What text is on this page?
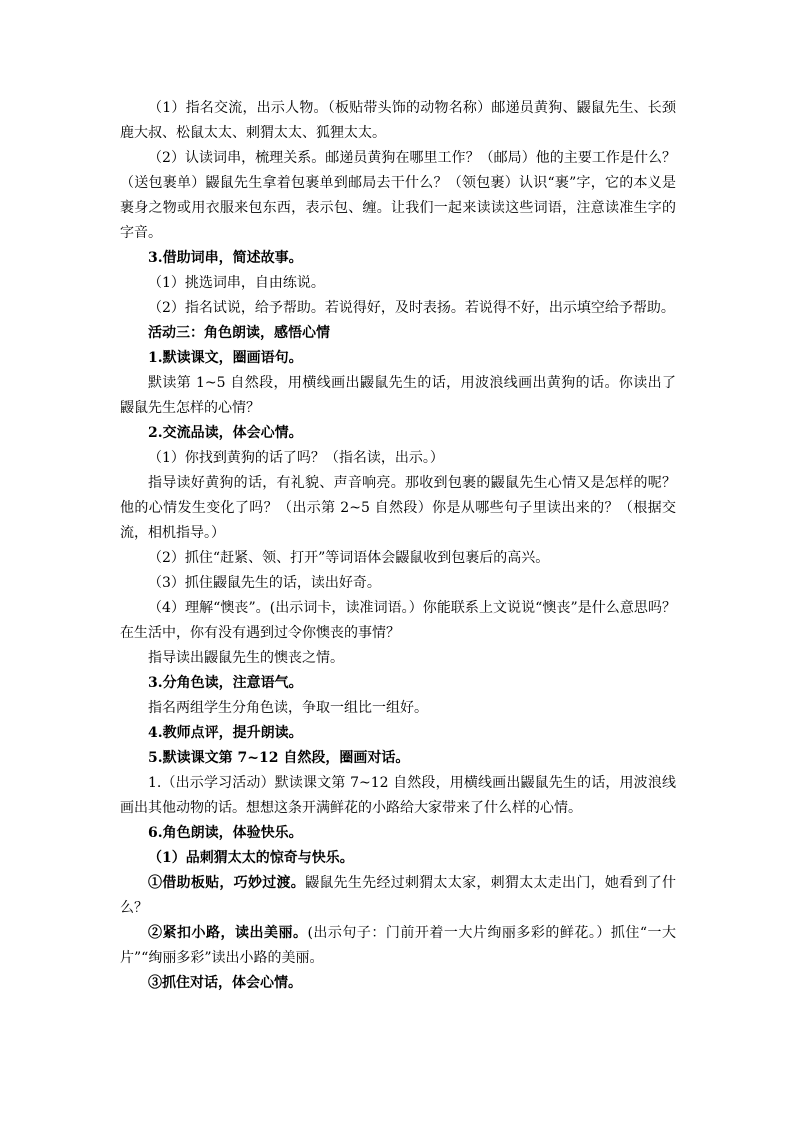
（1）指名交流，出示人物。（板贴带头饰的动物名称）邮递员黄狗、鼹鼠先生、长颈鹿大叔、松鼠太太、刺猬太太、狐狸太太。

（2）认读词串，梳理关系。邮递员黄狗在哪里工作？（邮局）他的主要工作是什么？（送包裹单）鼹鼠先生拿着包裹单到邮局去干什么？（领包裹）认识“裹”字，它的本义是裹身之物或用衣服来包东西，表示包、缠。让我们一起来读读这些词语，注意读准生字的字音。

3.借助词串，简述故事。

（1）挑选词串，自由练说。

（2）指名试说，给予帮助。若说得好，及时表扬。若说得不好，出示填空给予帮助。

活动三：角色朗读，感悟心情

1.默读课文，圈画语句。

默读第 1~5 自然段，用横线画出鼹鼠先生的话，用波浪线画出黄狗的话。你读出了鼹鼠先生怎样的心情？

2.交流品读，体会心情。

（1）你找到黄狗的话了吗？（指名读，出示。）

指导读好黄狗的话，有礼貌、声音响亮。那收到包裹的鼹鼠先生心情又是怎样的呢？他的心情发生变化了吗？（出示第 2~5 自然段）你是从哪些句子里读出来的？（根据交流，相机指导。）

（2）抓住“赶紧、领、打开”等词语体会鼹鼠收到包裹后的高兴。

（3）抓住鼹鼠先生的话，读出好奇。

（4）理解“懊丧”。(出示词卡，读准词语。）你能联系上文说说“懊丧”是什么意思吗？在生活中，你有没有遇到过令你懊丧的事情？

指导读出鼹鼠先生的懊丧之情。

3.分角色读，注意语气。

指名两组学生分角色读，争取一组比一组好。

4.教师点评，提升朗读。

5.默读课文第 7~12 自然段，圈画对话。

1.（出示学习活动）默读课文第 7~12 自然段，用横线画出鼹鼠先生的话，用波浪线画出其他动物的话。想想这条开满鲜花的小路给大家带来了什么样的心情。

6.角色朗读，体验快乐。

（1）品刺猬太太的惊奇与快乐。

①借助板贴，巧妙过渡。鼹鼠先生先经过刺猬太太家，刺猬太太走出门，她看到了什么？

②紧扣小路，读出美丽。(出示句子：门前开着一大片绚丽多彩的鲜花。）抓住“一大片”“绚丽多彩”读出小路的美丽。

③抓住对话，体会心情。
